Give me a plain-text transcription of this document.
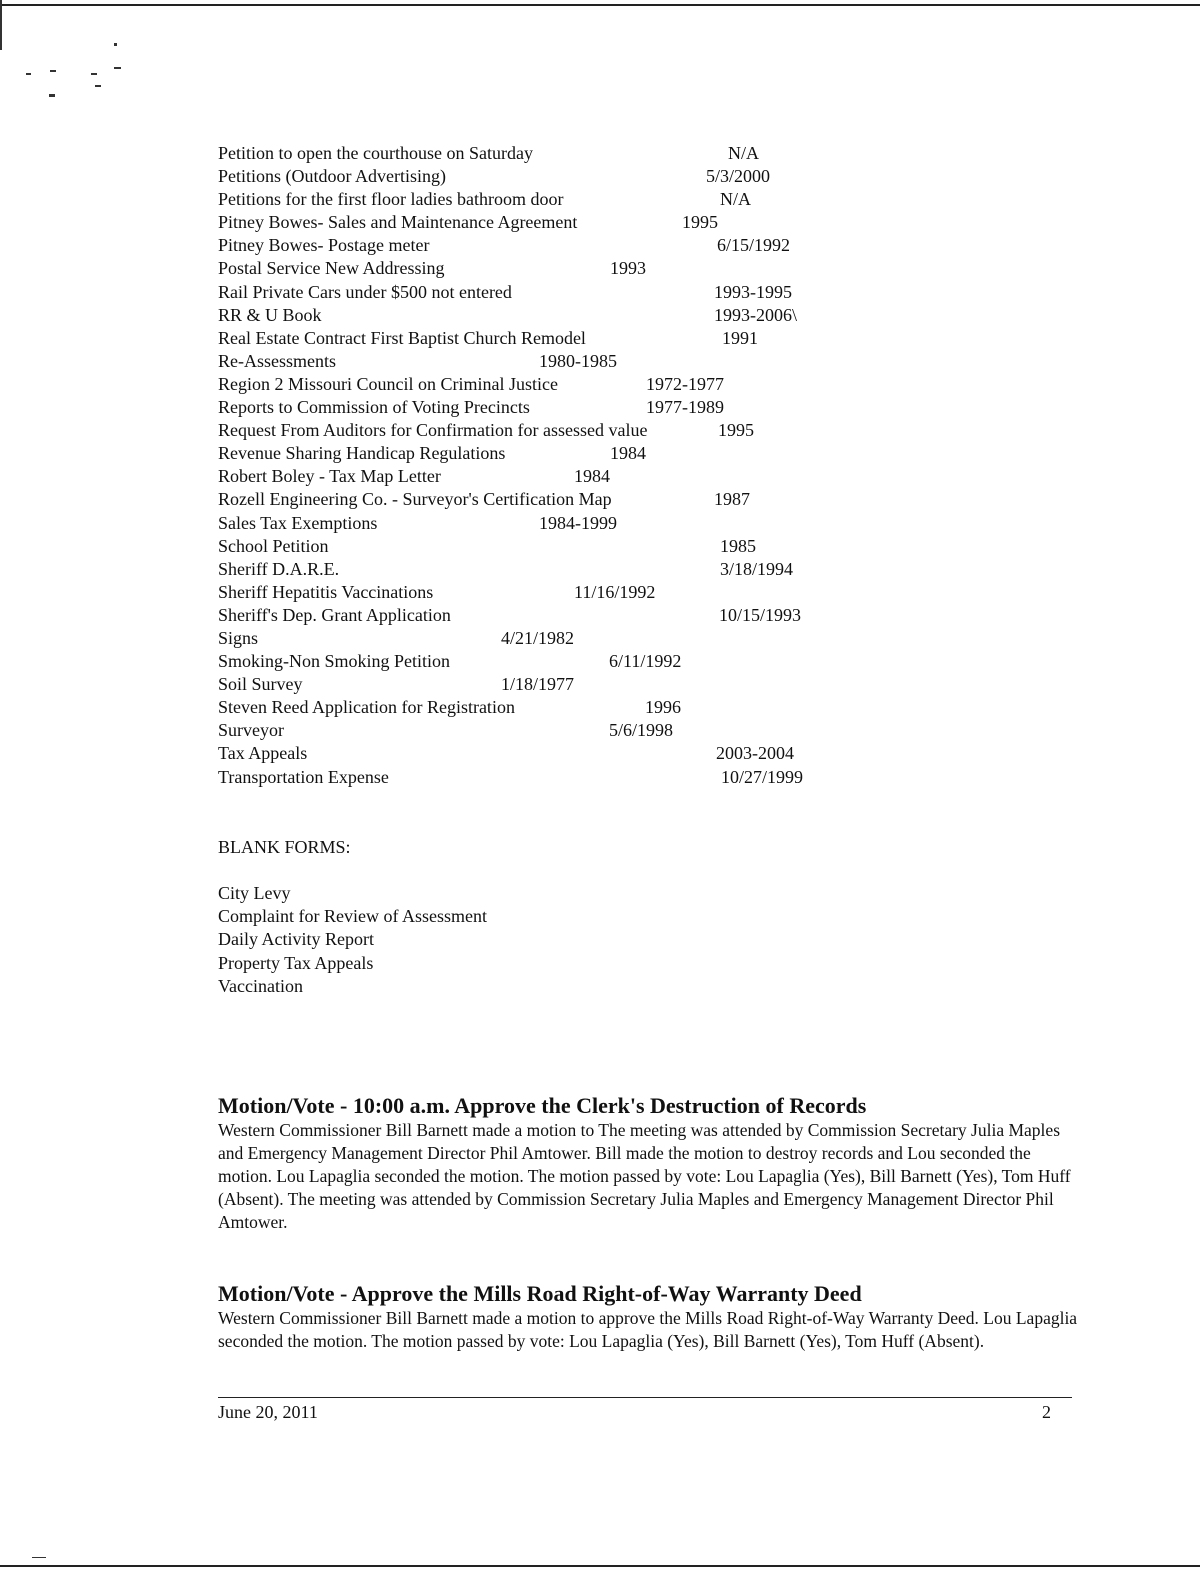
Petition to open the courthouse on Saturday	N/A
Petitions (Outdoor Advertising)	5/3/2000
Petitions for the first floor ladies bathroom door	N/A
Pitney Bowes- Sales and Maintenance Agreement	1995
Pitney Bowes- Postage meter	6/15/1992
Postal Service New Addressing	1993
Rail Private Cars under $500 not entered	1993-1995
RR & U Book	1993-2006\
Real Estate Contract First Baptist Church Remodel	1991
Re-Assessments	1980-1985
Region 2 Missouri Council on Criminal Justice	1972-1977
Reports to Commission of Voting Precincts	1977-1989
Request From Auditors for Confirmation for assessed value	1995
Revenue Sharing Handicap Regulations	1984
Robert Boley - Tax Map Letter	1984
Rozell Engineering Co. - Surveyor's Certification Map	1987
Sales Tax Exemptions	1984-1999
School Petition	1985
Sheriff D.A.R.E.	3/18/1994
Sheriff Hepatitis Vaccinations	11/16/1992
Sheriff's Dep. Grant Application	10/15/1993
Signs	4/21/1982
Smoking-Non Smoking Petition	6/11/1992
Soil Survey	1/18/1977
Steven Reed Application for Registration	1996
Surveyor	5/6/1998
Tax Appeals	2003-2004
Transportation Expense	10/27/1999
BLANK FORMS:
City Levy
Complaint for Review of Assessment
Daily Activity Report
Property Tax Appeals
Vaccination
Motion/Vote - 10:00 a.m. Approve the Clerk's Destruction of Records

Western Commissioner Bill Barnett made a motion to The meeting was attended by Commission Secretary Julia Maples and Emergency Management Director Phil Amtower. Bill made the motion to destroy records and Lou seconded the motion. Lou Lapaglia seconded the motion. The motion passed by vote: Lou Lapaglia (Yes), Bill Barnett (Yes), Tom Huff (Absent). The meeting was attended by Commission Secretary Julia Maples and Emergency Management Director Phil Amtower.

Motion/Vote - Approve the Mills Road Right-of-Way Warranty Deed

Western Commissioner Bill Barnett made a motion to approve the Mills Road Right-of-Way Warranty Deed. Lou Lapaglia seconded the motion. The motion passed by vote: Lou Lapaglia (Yes), Bill Barnett (Yes), Tom Huff (Absent).

June 20, 2011	2
